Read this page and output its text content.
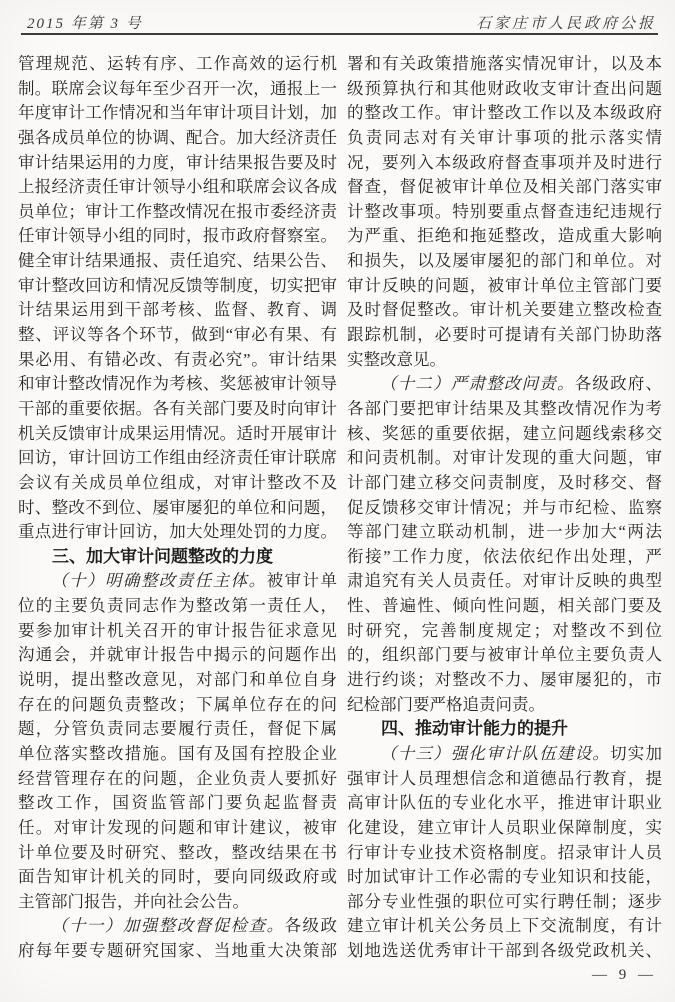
2015 年第 3 号	石家庄市人民政府公报
管理规范、运转有序、工作高效的运行机
制。联席会议每年至少召开一次，通报上一
年度审计工作情况和当年审计项目计划，加
强各成员单位的协调、配合。加大经济责任
审计结果运用的力度，审计结果报告要及时
上报经济责任审计领导小组和联席会议各成
员单位；审计工作整改情况在报市委经济责
任审计领导小组的同时，报市政府督察室。
健全审计结果通报、责任追究、结果公告、
审计整改回访和情况反馈等制度，切实把审
计结果运用到干部考核、监督、教育、调
整、评议等各个环节，做到“审必有果、有
果必用、有错必改、有责必究”。审计结果
和审计整改情况作为考核、奖惩被审计领导
干部的重要依据。各有关部门要及时向审计
机关反馈审计成果运用情况。适时开展审计
回访，审计回访工作组由经济责任审计联席
会议有关成员单位组成，对审计整改不及
时、整改不到位、屡审屡犯的单位和问题，
重点进行审计回访，加大处理处罚的力度。
三、加大审计问题整改的力度
（十）明确整改责任主体。被审计单
位的主要负责同志作为整改第一责任人，
要参加审计机关召开的审计报告征求意见
沟通会，并就审计报告中揭示的问题作出
说明，提出整改意见，对部门和单位自身
存在的问题负责整改；下属单位存在的问
题，分管负责同志要履行责任，督促下属
单位落实整改措施。国有及国有控股企业
经营管理存在的问题，企业负责人要抓好
整改工作，国资监管部门要负起监督责
任。对审计发现的问题和审计建议，被审
计单位要及时研究、整改，整改结果在书
面告知审计机关的同时，要向同级政府或
主管部门报告，并向社会公告。
（十一）加强整改督促检查。各级政
府每年要专题研究国家、当地重大决策部
署和有关政策措施落实情况审计，以及本
级预算执行和其他财政收支审计查出问题
的整改工作。审计整改工作以及本级政府
负责同志对有关审计事项的批示落实情
况，要列入本级政府督查事项并及时进行
督查，督促被审计单位及相关部门落实审
计整改事项。特别要重点督查违纪违规行
为严重、拒绝和拖延整改，造成重大影响
和损失，以及屡审屡犯的部门和单位。对
审计反映的问题，被审计单位主管部门要
及时督促整改。审计机关要建立整改检查
跟踪机制，必要时可提请有关部门协助落
实整改意见。
（十二）严肃整改问责。各级政府、
各部门要把审计结果及其整改情况作为考
核、奖惩的重要依据，建立问题线索移交
和问责机制。对审计发现的重大问题，审
计部门建立移交问责制度，及时移交、督
促反馈移交审计情况；并与市纪检、监察
等部门建立联动机制，进一步加大“两法
衔接”工作力度，依法依纪作出处理，严
肃追究有关人员责任。对审计反映的典型
性、普遍性、倾向性问题，相关部门要及
时研究，完善制度规定；对整改不到位
的，组织部门要与被审计单位主要负责人
进行约谈；对整改不力、屡审屡犯的，市
纪检部门要严格追责问责。
四、推动审计能力的提升
（十三）强化审计队伍建设。切实加
强审计人员理想信念和道德品行教育，提
高审计队伍的专业化水平，推进审计职业
化建设，建立审计人员职业保障制度，实
行审计专业技术资格制度。招录审计人员
时加试审计工作必需的专业知识和技能，
部分专业性强的职位可实行聘任制；逐步
建立审计机关公务员上下交流制度，有计
划地选送优秀审计干部到各级党政机关、
— 9 —
